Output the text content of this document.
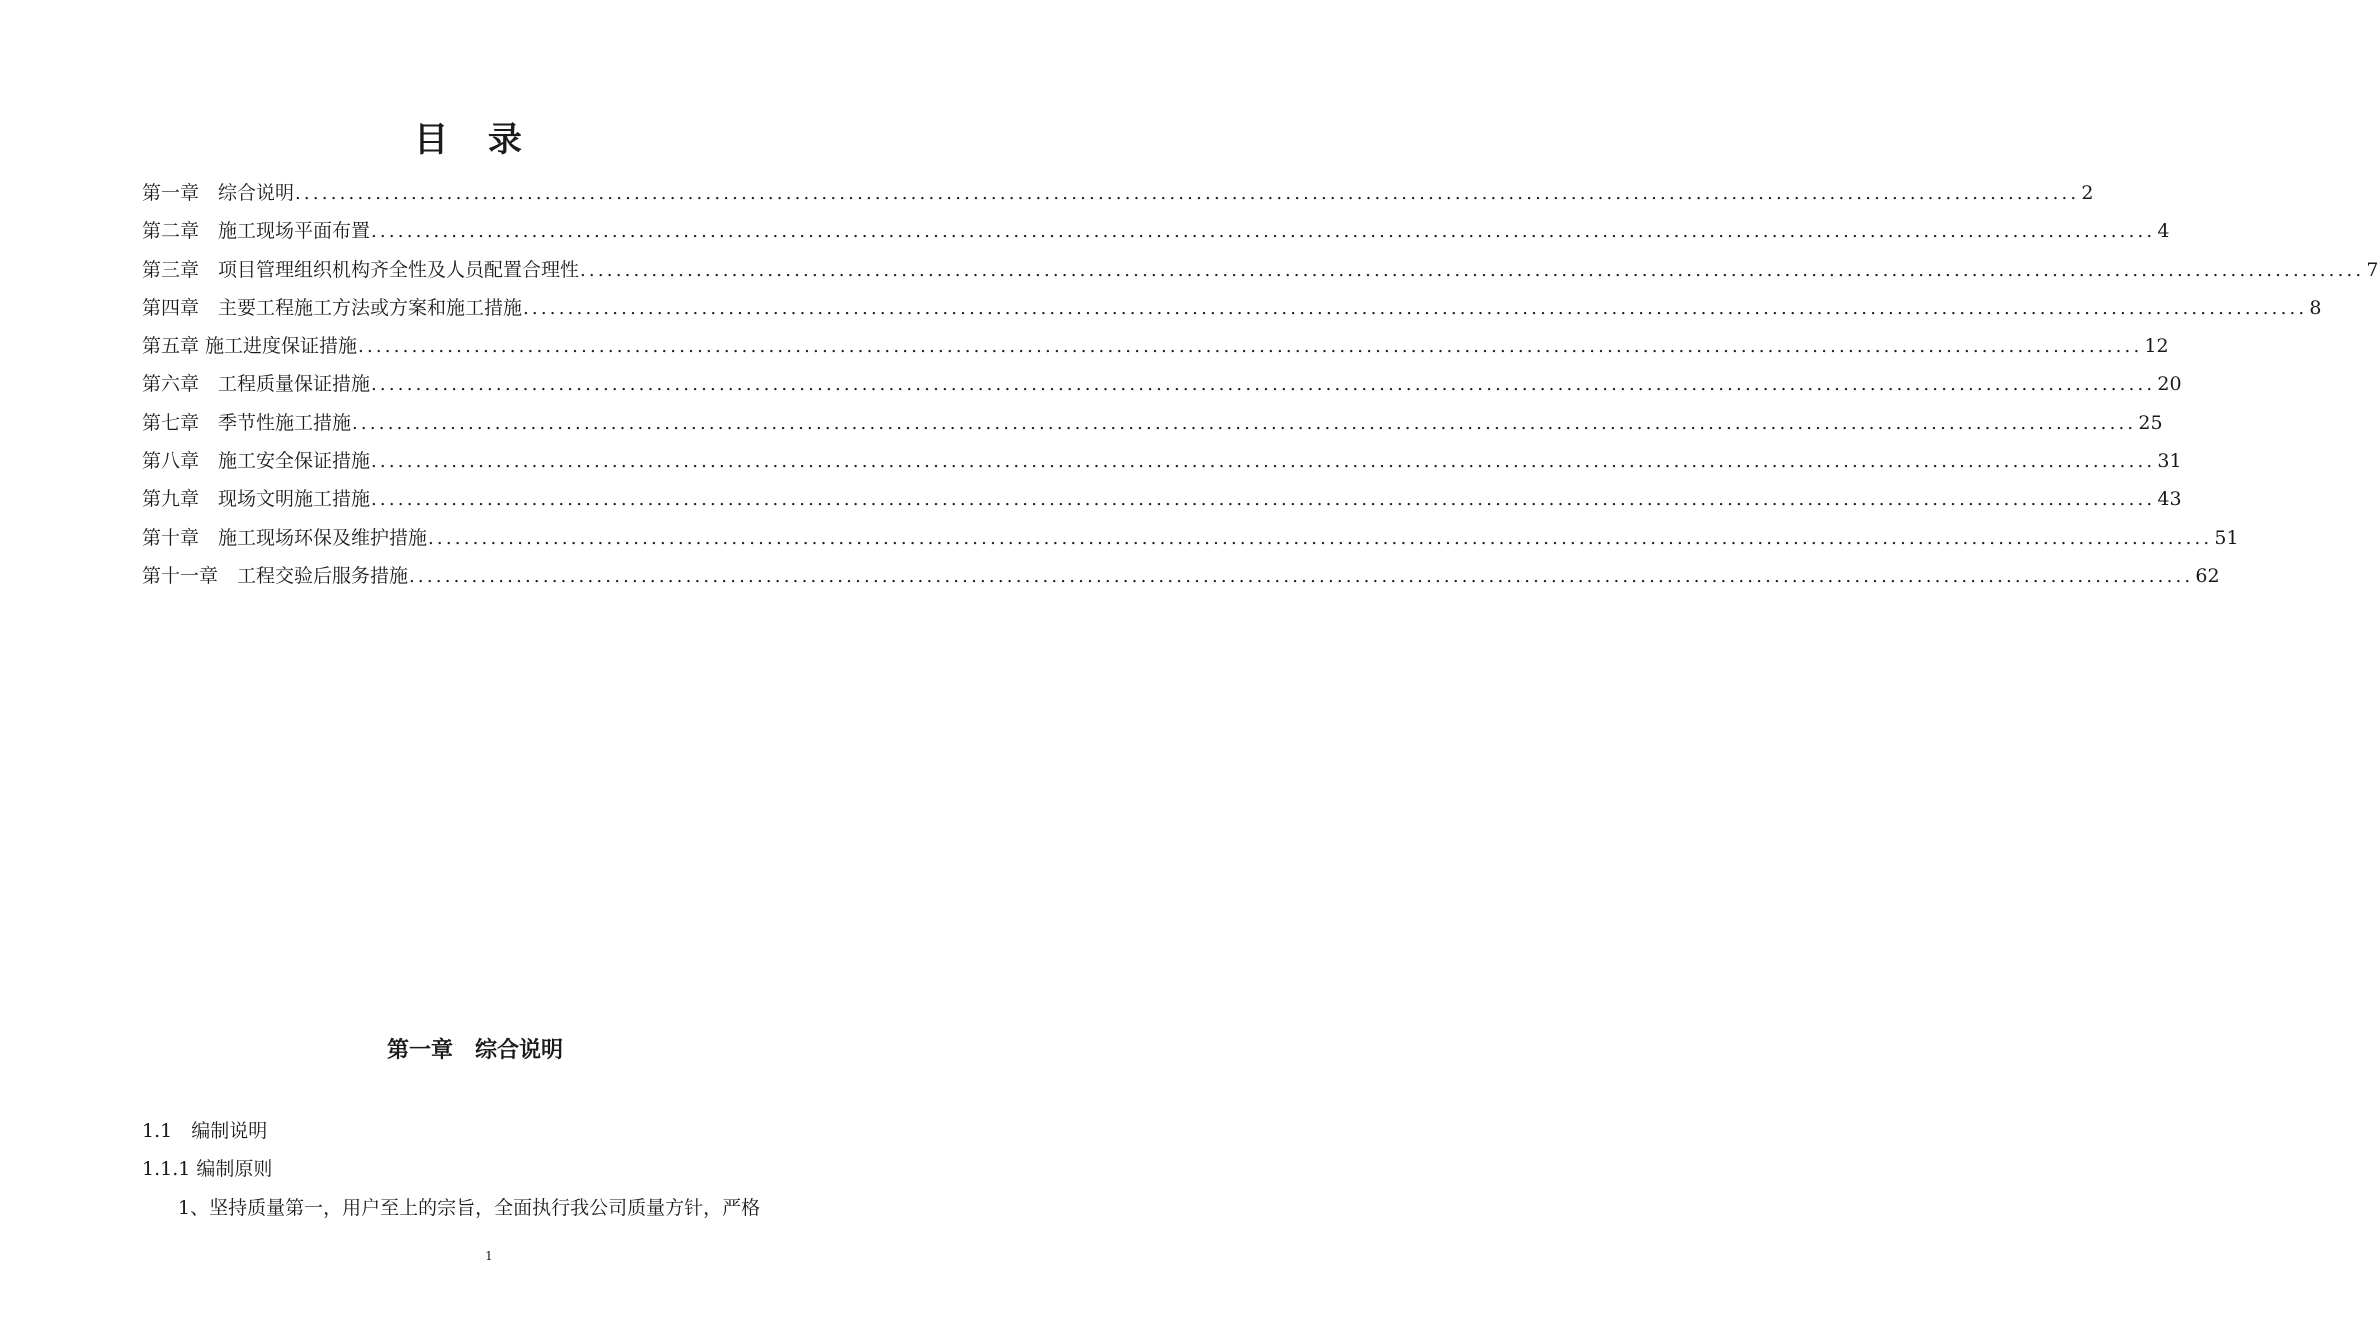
目 录
第一章　综合说明 ........................................................................................................................................................................................................ 2
第二章　施工现场平面布置 ........................................................................................................................................................................................................ 4
第三章　项目管理组织机构齐全性及人员配置合理性 ........................................................................................................................................................................................................ 7
第四章　主要工程施工方法或方案和施工措施 ........................................................................................................................................................................................................ 8
第五章 施工进度保证措施 ........................................................................................................................................................................................................ 12
第六章　工程质量保证措施 ........................................................................................................................................................................................................ 20
第七章　季节性施工措施 ........................................................................................................................................................................................................ 25
第八章　施工安全保证措施 ........................................................................................................................................................................................................ 31
第九章　现场文明施工措施 ........................................................................................................................................................................................................ 43
第十章　施工现场环保及维护措施 ........................................................................................................................................................................................................ 51
第十一章　工程交验后服务措施 ........................................................................................................................................................................................................ 62
第一章　综合说明
1.1　编制说明
1.1.1 编制原则
1、坚持质量第一，用户至上的宗旨，全面执行我公司质量方针，严格
1
